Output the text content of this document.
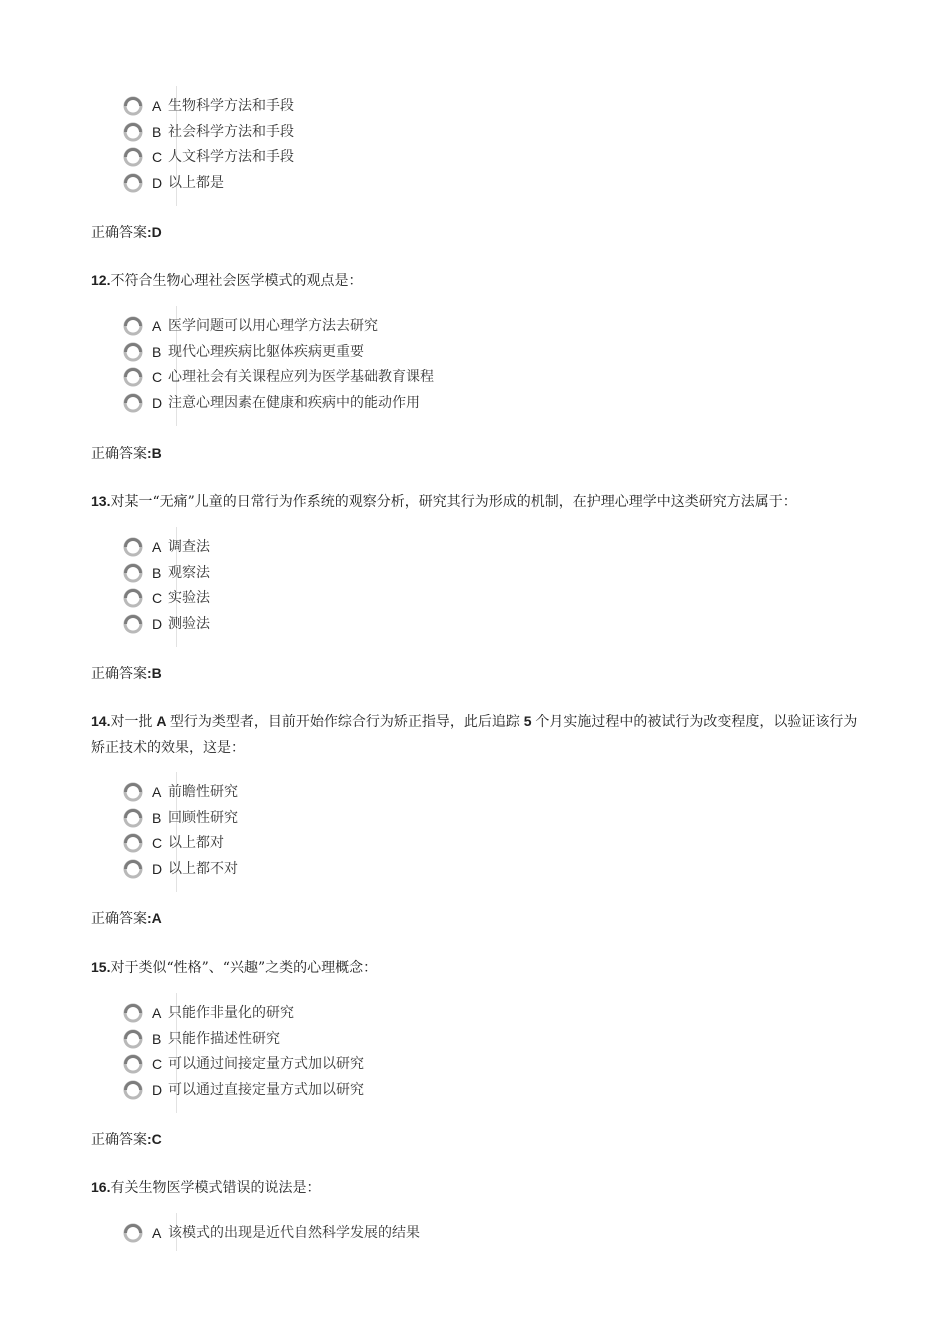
A 生物科学方法和手段
B 社会科学方法和手段
C 人文科学方法和手段
D 以上都是
正确答案:D
12.不符合生物心理社会医学模式的观点是：
A 医学问题可以用心理学方法去研究
B 现代心理疾病比躯体疾病更重要
C 心理社会有关课程应列为医学基础教育课程
D 注意心理因素在健康和疾病中的能动作用
正确答案:B
13.对某一“无痛”儿童的日常行为作系统的观察分析，研究其行为形成的机制，在护理心理学中这类研究方法属于：
A 调查法
B 观察法
C 实验法
D 测验法
正确答案:B
14.对一批 A 型行为类型者，目前开始作综合行为矫正指导，此后追踪 5 个月实施过程中的被试行为改变程度，以验证该行为矫正技术的效果，这是：
A 前瞻性研究
B 回顾性研究
C 以上都对
D 以上都不对
正确答案:A
15.对于类似“性格”、“兴趣”之类的心理概念：
A 只能作非量化的研究
B 只能作描述性研究
C 可以通过间接定量方式加以研究
D 可以通过直接定量方式加以研究
正确答案:C
16.有关生物医学模式错误的说法是：
A 该模式的出现是近代自然科学发展的结果
